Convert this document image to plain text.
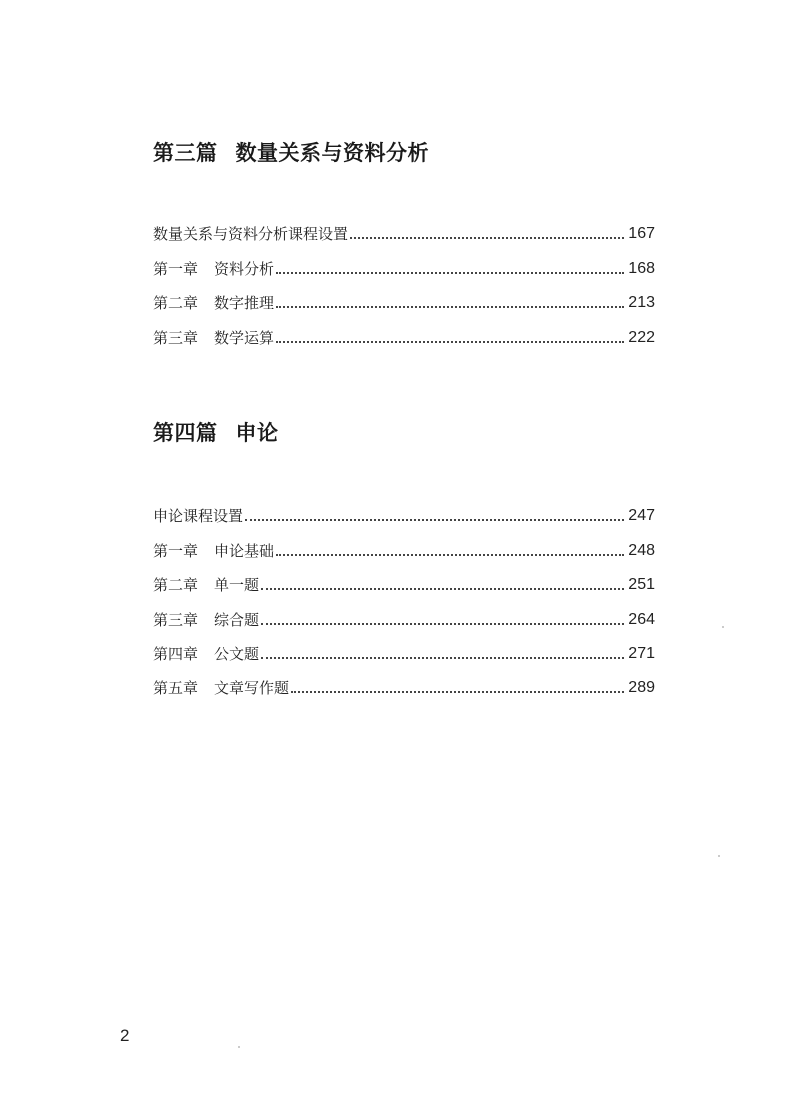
第三篇 数量关系与资料分析
数量关系与资料分析课程设置	167
第一章 资料分析	168
第二章 数字推理	213
第三章 数学运算	222
第四篇 申论
申论课程设置	247
第一章 申论基础	248
第二章 单一题	251
第三章 综合题	264
第四章 公文题	271
第五章 文章写作题	289
2
